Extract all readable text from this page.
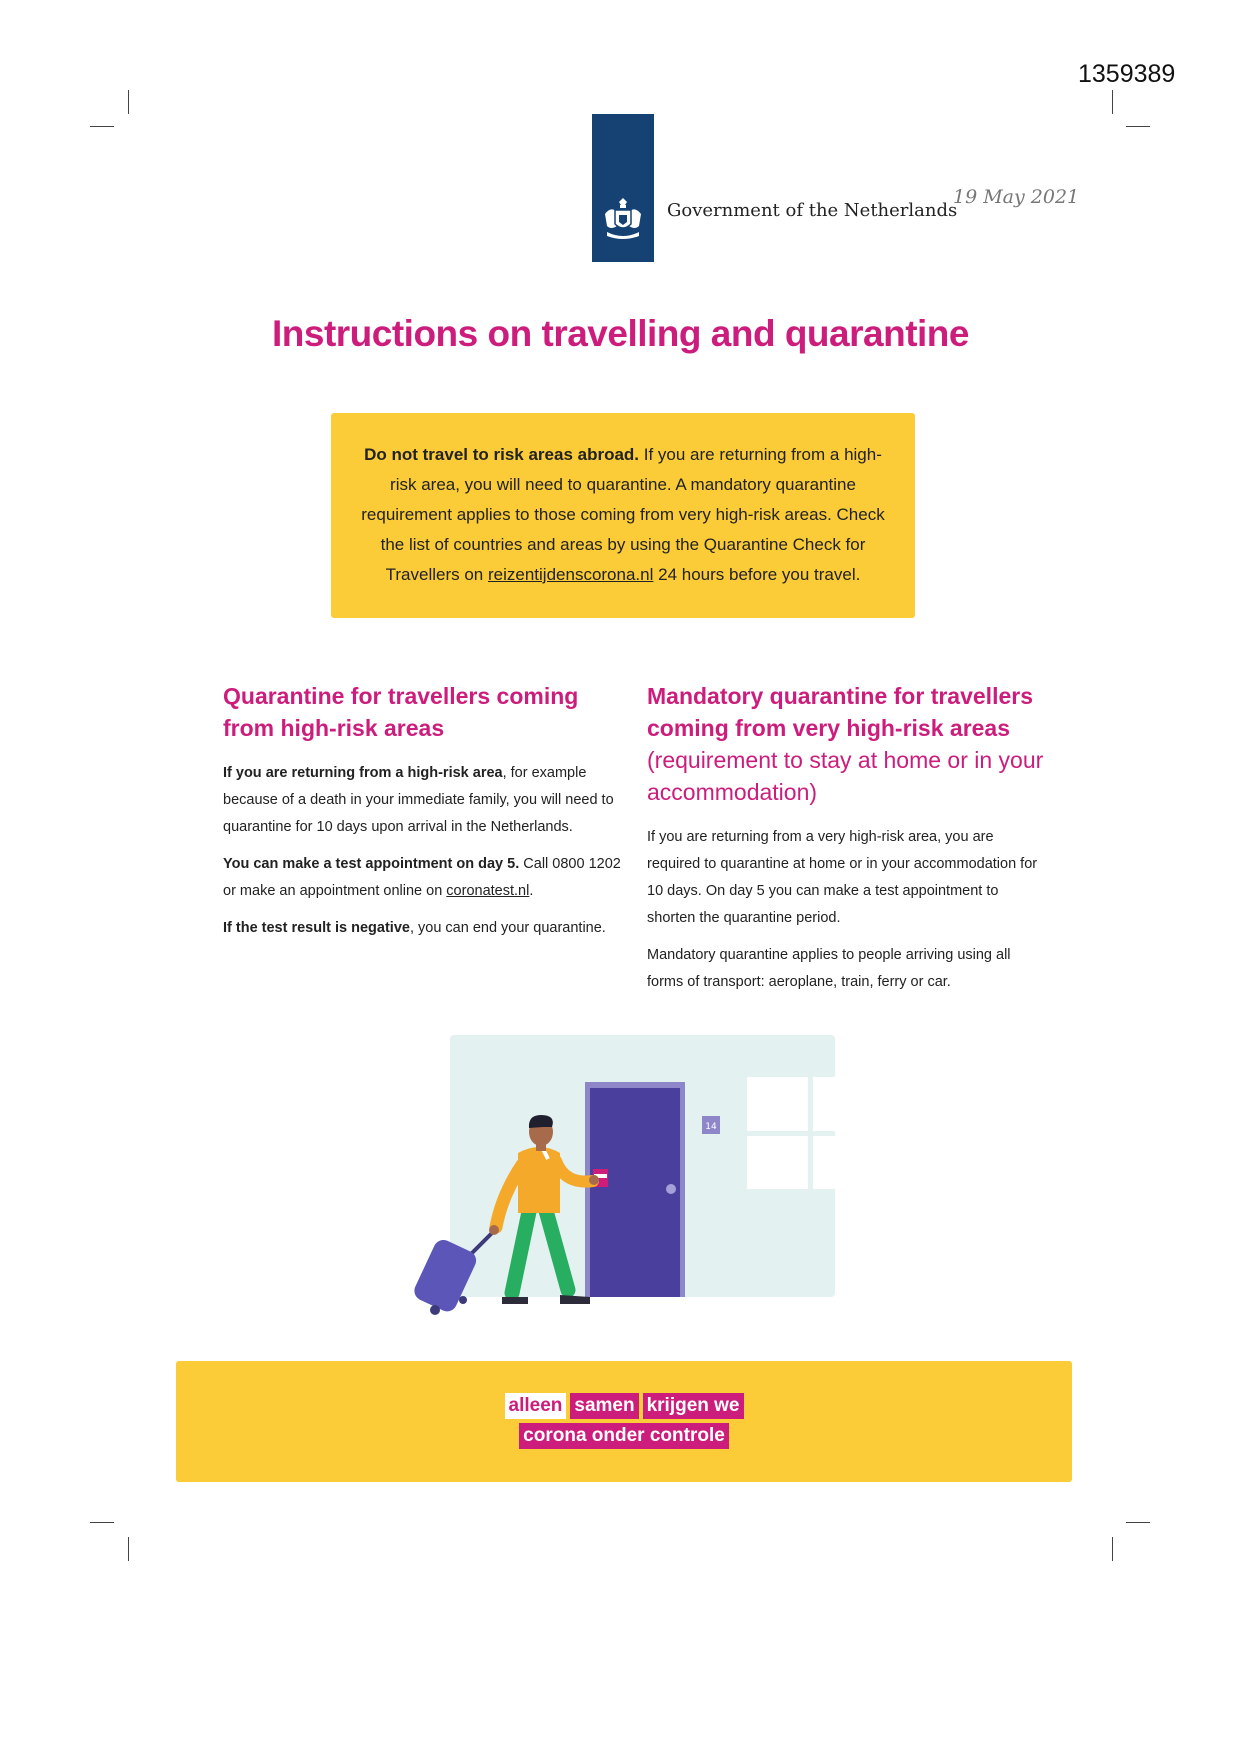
1359389
Government of the Netherlands
19 May 2021
Instructions on travelling and quarantine
Do not travel to risk areas abroad. If you are returning from a high-risk area, you will need to quarantine. A mandatory quarantine requirement applies to those coming from very high-risk areas. Check the list of countries and areas by using the Quarantine Check for Travellers on reizentijdenscorona.nl 24 hours before you travel.
Quarantine for travellers coming from high-risk areas

If you are returning from a high-risk area, for example because of a death in your immediate family, you will need to quarantine for 10 days upon arrival in the Netherlands.

You can make a test appointment on day 5. Call 0800 1202 or make an appointment online on coronatest.nl.

If the test result is negative, you can end your quarantine.

Mandatory quarantine for travellers coming from very high-risk areas (requirement to stay at home or in your accommodation)

If you are returning from a very high-risk area, you are required to quarantine at home or in your accommodation for 10 days. On day 5 you can make a test appointment to shorten the quarantine period.

Mandatory quarantine applies to people arriving using all forms of transport: aeroplane, train, ferry or car.

14
alleen samen krijgen we
corona onder controle
